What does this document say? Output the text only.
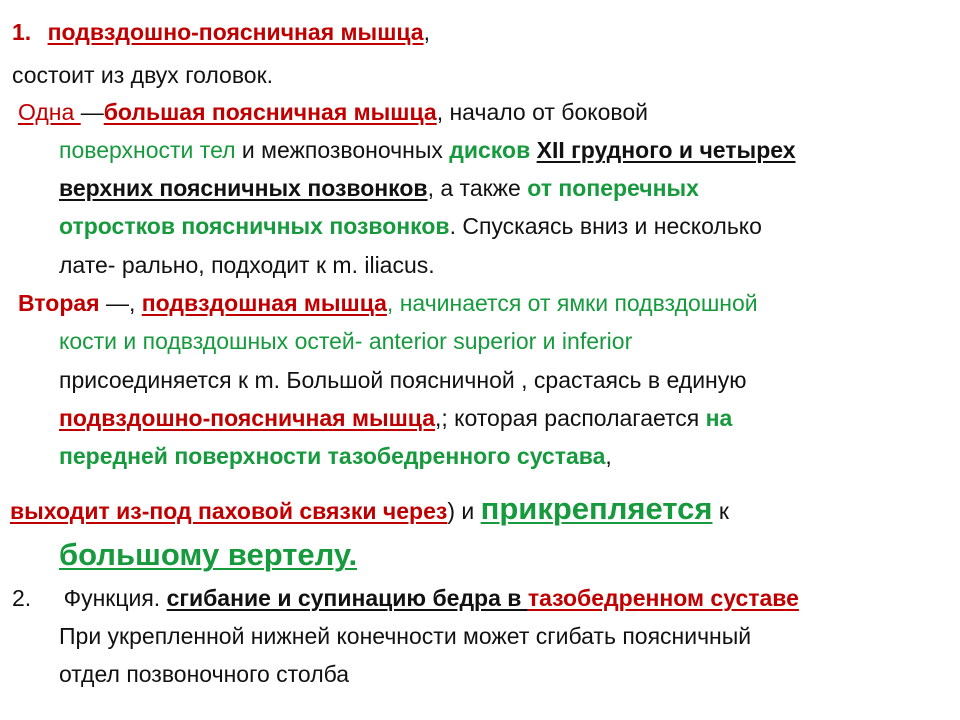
1. подвздошно-поясничная мышца,
состоит из двух головок.
Одна —большая поясничная мышца, начало от боковой
поверхности тел и межпозвоночных дисков XII грудного и четырех
верхних поясничных позвонков, а также от поперечных
отростков поясничных позвонков. Спускаясь вниз и несколько
лате- рально, подходит к m. iliacus.
Вторая —, подвздошная мышца, начинается от ямки подвздошной
кости и подвздошных остей- anterior superior и inferior
присоединяется к m. Большой поясничной , срастаясь в единую
подвздошно-поясничная мышца,; которая располагается на
передней поверхности тазобедренного сустава,
выходит из-под паховой связки через) и прикрепляется к
большому вертелу.
2. Функция. сгибание и супинацию бедра в тазобедренном суставе
При укрепленной нижней конечности может сгибать поясничный
отдел позвоночного столба
